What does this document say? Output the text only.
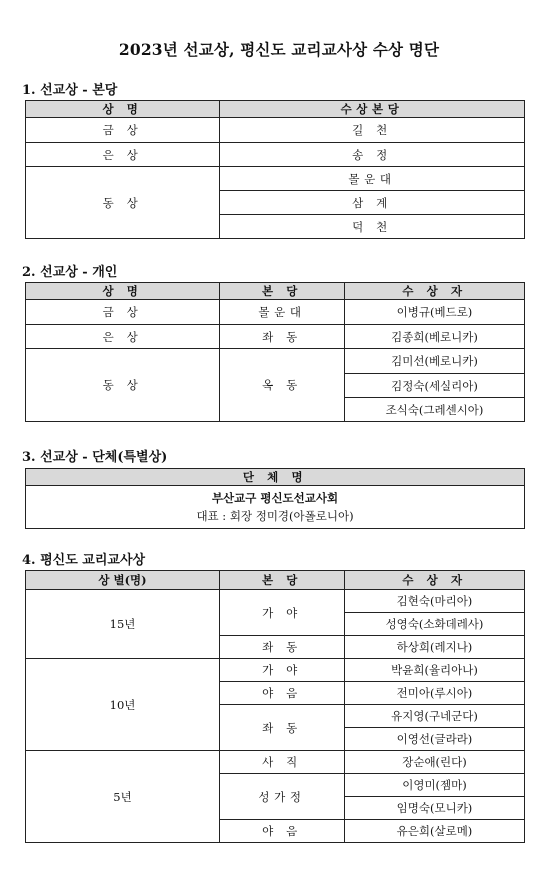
2023년 선교상, 평신도 교리교사상 수상 명단
1. 선교상 - 본당
상 명	수상본당
금 상	길 천
은 상	송 정
동 상	몰운대
	삼 계
	덕 천
2. 선교상 - 개인
상 명	본 당	수 상 자
금 상	몰운대	이병규(베드로)
은 상	좌 동	김종희(베로니카)
동 상	옥 동	김미선(베로니카)
		김정숙(세실리아)
		조식숙(그레센시아)
3. 선교상 - 단체(특별상)
단 체 명

부산교구 평신도선교사회
대표 : 회장 정미경(아폴로니아)
4. 평신도 교리교사상
상 별(명)	본 당	수 상 자
15년	가 야	김현숙(마리아)
		성영숙(소화데레사)
	좌 동	하상희(레지나)
10년	가 야	박윤희(율리아나)
	야 음	전미아(루시아)
	좌 동	유지영(구네군다)
		이영선(글라라)
5년	사 직	장순애(린다)
	성가정	이영미(젬마)
		임명숙(모니카)
	야 음	유은희(살로메)
